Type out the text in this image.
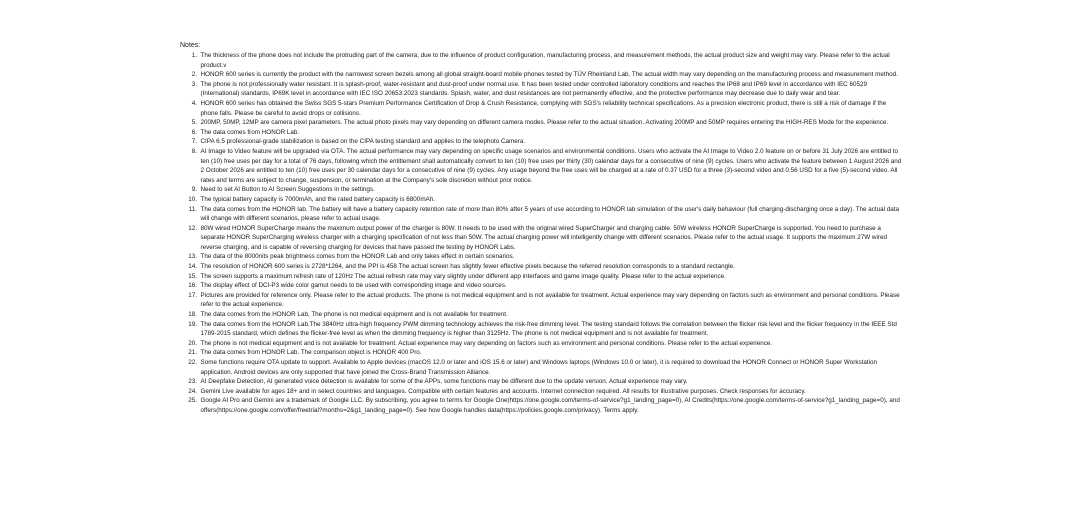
Notes:
1.
The thickness of the phone does not include the protruding part of the camera; due to the influence of product configuration, manufacturing process, and measurement methods, the actual product size and weight may vary. Please refer to the actual product.v
2.
HONOR 600 series is currently the product with the narrowest screen bezels among all global straight-board mobile phones tested by TÜV Rheinland Lab. The actual width may vary depending on the manufacturing process and measurement method.
3.
The phone is not professionally water resistant. It is splash-proof, water-resistant and dust-proof under normal use. It has been tested under controlled laboratory conditions and reaches the IP68 and IP69 level in accordance with IEC 60529 (International) standards, IP69K level in accordance with IEC ISO 20653:2023 standards. Splash, water, and dust resistances are not permanently effective, and the protective performance may decrease due to daily wear and tear.
4.
HONOR 600 series has obtained the Swiss SGS 5-stars Premium Performance Certification of Drop & Crush Resistance, complying with SGS's reliability technical specifications. As a precision electronic product, there is still a risk of damage if the phone falls. Please be careful to avoid drops or collisions.
5.
200MP, 50MP, 12MP are camera pixel parameters. The actual photo pixels may vary depending on different camera modes. Please refer to the actual situation. Activating 200MP and 50MP requires entering the HIGH-RES Mode for the experience.
6.
The data comes from HONOR Lab.
7.
CIPA 6.5 professional-grade stabilization is based on the CIPA testing standard and applies to the telephoto Camera.
8.
AI Image to Video feature will be upgraded via OTA. The actual performance may vary depending on specific usage scenarios and environmental conditions. Users who activate the AI Image to Video 2.0 feature on or before 31 July 2026 are entitled to ten (10) free uses per day for a total of 76 days, following which the entitlement shall automatically convert to ten (10) free uses per thirty (30) calendar days for a consecutive of nine (9) cycles. Users who activate the feature between 1 August 2026 and 2 October 2026 are entitled to ten (10) free uses per 30 calendar days for a consecutive of nine (9) cycles. Any usage beyond the free uses will be charged at a rate of 0.37 USD for a three (3)-second video and 0.56 USD for a five (5)-second video. All rates and terms are subject to change, suspension, or termination at the Company's sole discretion without prior notice.
9.
Need to set AI Button to AI Screen Suggestions in the settings.
10.
The typical battery capacity is 7000mAh, and the rated battery capacity is 6800mAh.
11.
The data comes from the HONOR lab. The battery will have a battery capacity retention rate of more than 80% after 5 years of use according to HONOR lab simulation of the user's daily behaviour (full charging-discharging once a day). The actual data will change with different scenarios, please refer to actual usage.
12.
80W wired HONOR SuperCharge means the maximum output power of the charger is 80W. It needs to be used with the original wired SuperCharger and charging cable. 50W wireless HONOR SuperCharge is supported. You need to purchase a separate HONOR SuperCharging wireless charger with a charging specification of not less than 50W. The actual charging power will intelligently change with different scenarios. Please refer to the actual usage. It supports the maximum 27W wired reverse charging, and is capable of reversing charging for devices that have passed the testing by HONOR Labs.
13.
The data of the 8000nits peak brightness comes from the HONOR Lab and only takes effect in certain scenarios.
14.
The resolution of HONOR 600 series is 2728*1264, and the PPI is 458 The actual screen has slightly fewer effective pixels because the referred resolution corresponds to a standard rectangle.
15.
The screen supports a maximum refresh rate of 120Hz The actual refresh rate may vary slightly under different app interfaces and game image quality. Please refer to the actual experience.
16.
The display effect of DCI-P3 wide color gamut needs to be used with corresponding image and video sources.
17.
Pictures are provided for reference only. Please refer to the actual products. The phone is not medical equipment and is not available for treatment. Actual experience may vary depending on factors such as environment and personal conditions. Please refer to the actual experience.
18.
The data comes from the HONOR Lab, The phone is not medical equipment and is not available for treatment.
19.
The data comes from the HONOR Lab.The 3840Hz ultra-high frequency PWM dimming technology achieves the risk-free dimming level. The testing standard follows the correlation between the flicker risk level and the flicker frequency in the IEEE Std 1789-2015 standard, which defines the flicker-free level as when the dimming frequency is higher than 3125Hz. The phone is not medical equipment and is not available for treatment.
20.
The phone is not medical equipment and is not available for treatment. Actual experience may vary depending on factors such as environment and personal conditions. Please refer to the actual experience.
21.
The data comes from HONOR Lab. The comparison object is HONOR 400 Pro.
22.
Some functions require OTA update to support. Available to Apple devices (macOS 12.0 or later and iOS 15.6 or later) and Windows laptops (Windows 10.0 or later), it is required to download the HONOR Connect or HONOR Super Workstation application. Android devices are only supported that have joined the Cross-Brand Transmission Alliance.
23.
AI Deepfake Detection, AI generated voice detection is available for some of the APPs, some functions may be different due to the update version. Actual experience may vary.
24.
Gemini Live available for ages 18+ and in select countries and languages. Compatible with certain features and accounts. Internet connection required. All results for illustrative purposes. Check responses for accuracy.
25.
Google AI Pro and Gemini are a trademark of Google LLC. By subscribing, you agree to terms for Google One(https://one.google.com/terms-of-service?g1_landing_page=0), AI Credits(https://one.google.com/terms-of-service?g1_landing_page=0), and offers(https://one.google.com/offer/freetrial?months=2&g1_landing_page=0). See how Google handles data(https://policies.google.com/privacy). Terms apply.
